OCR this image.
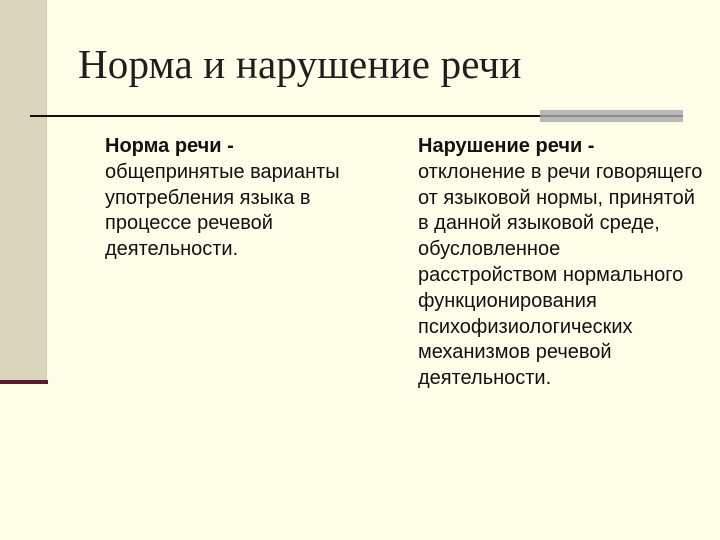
Норма и нарушение речи

Норма речи - общепринятые варианты употребления языка в процессе речевой деятельности.

Нарушение речи - отклонение в речи говорящего от языковой нормы, принятой в данной языковой среде, обусловленное расстройством нормального функционирования психофизиологических механизмов речевой деятельности.
